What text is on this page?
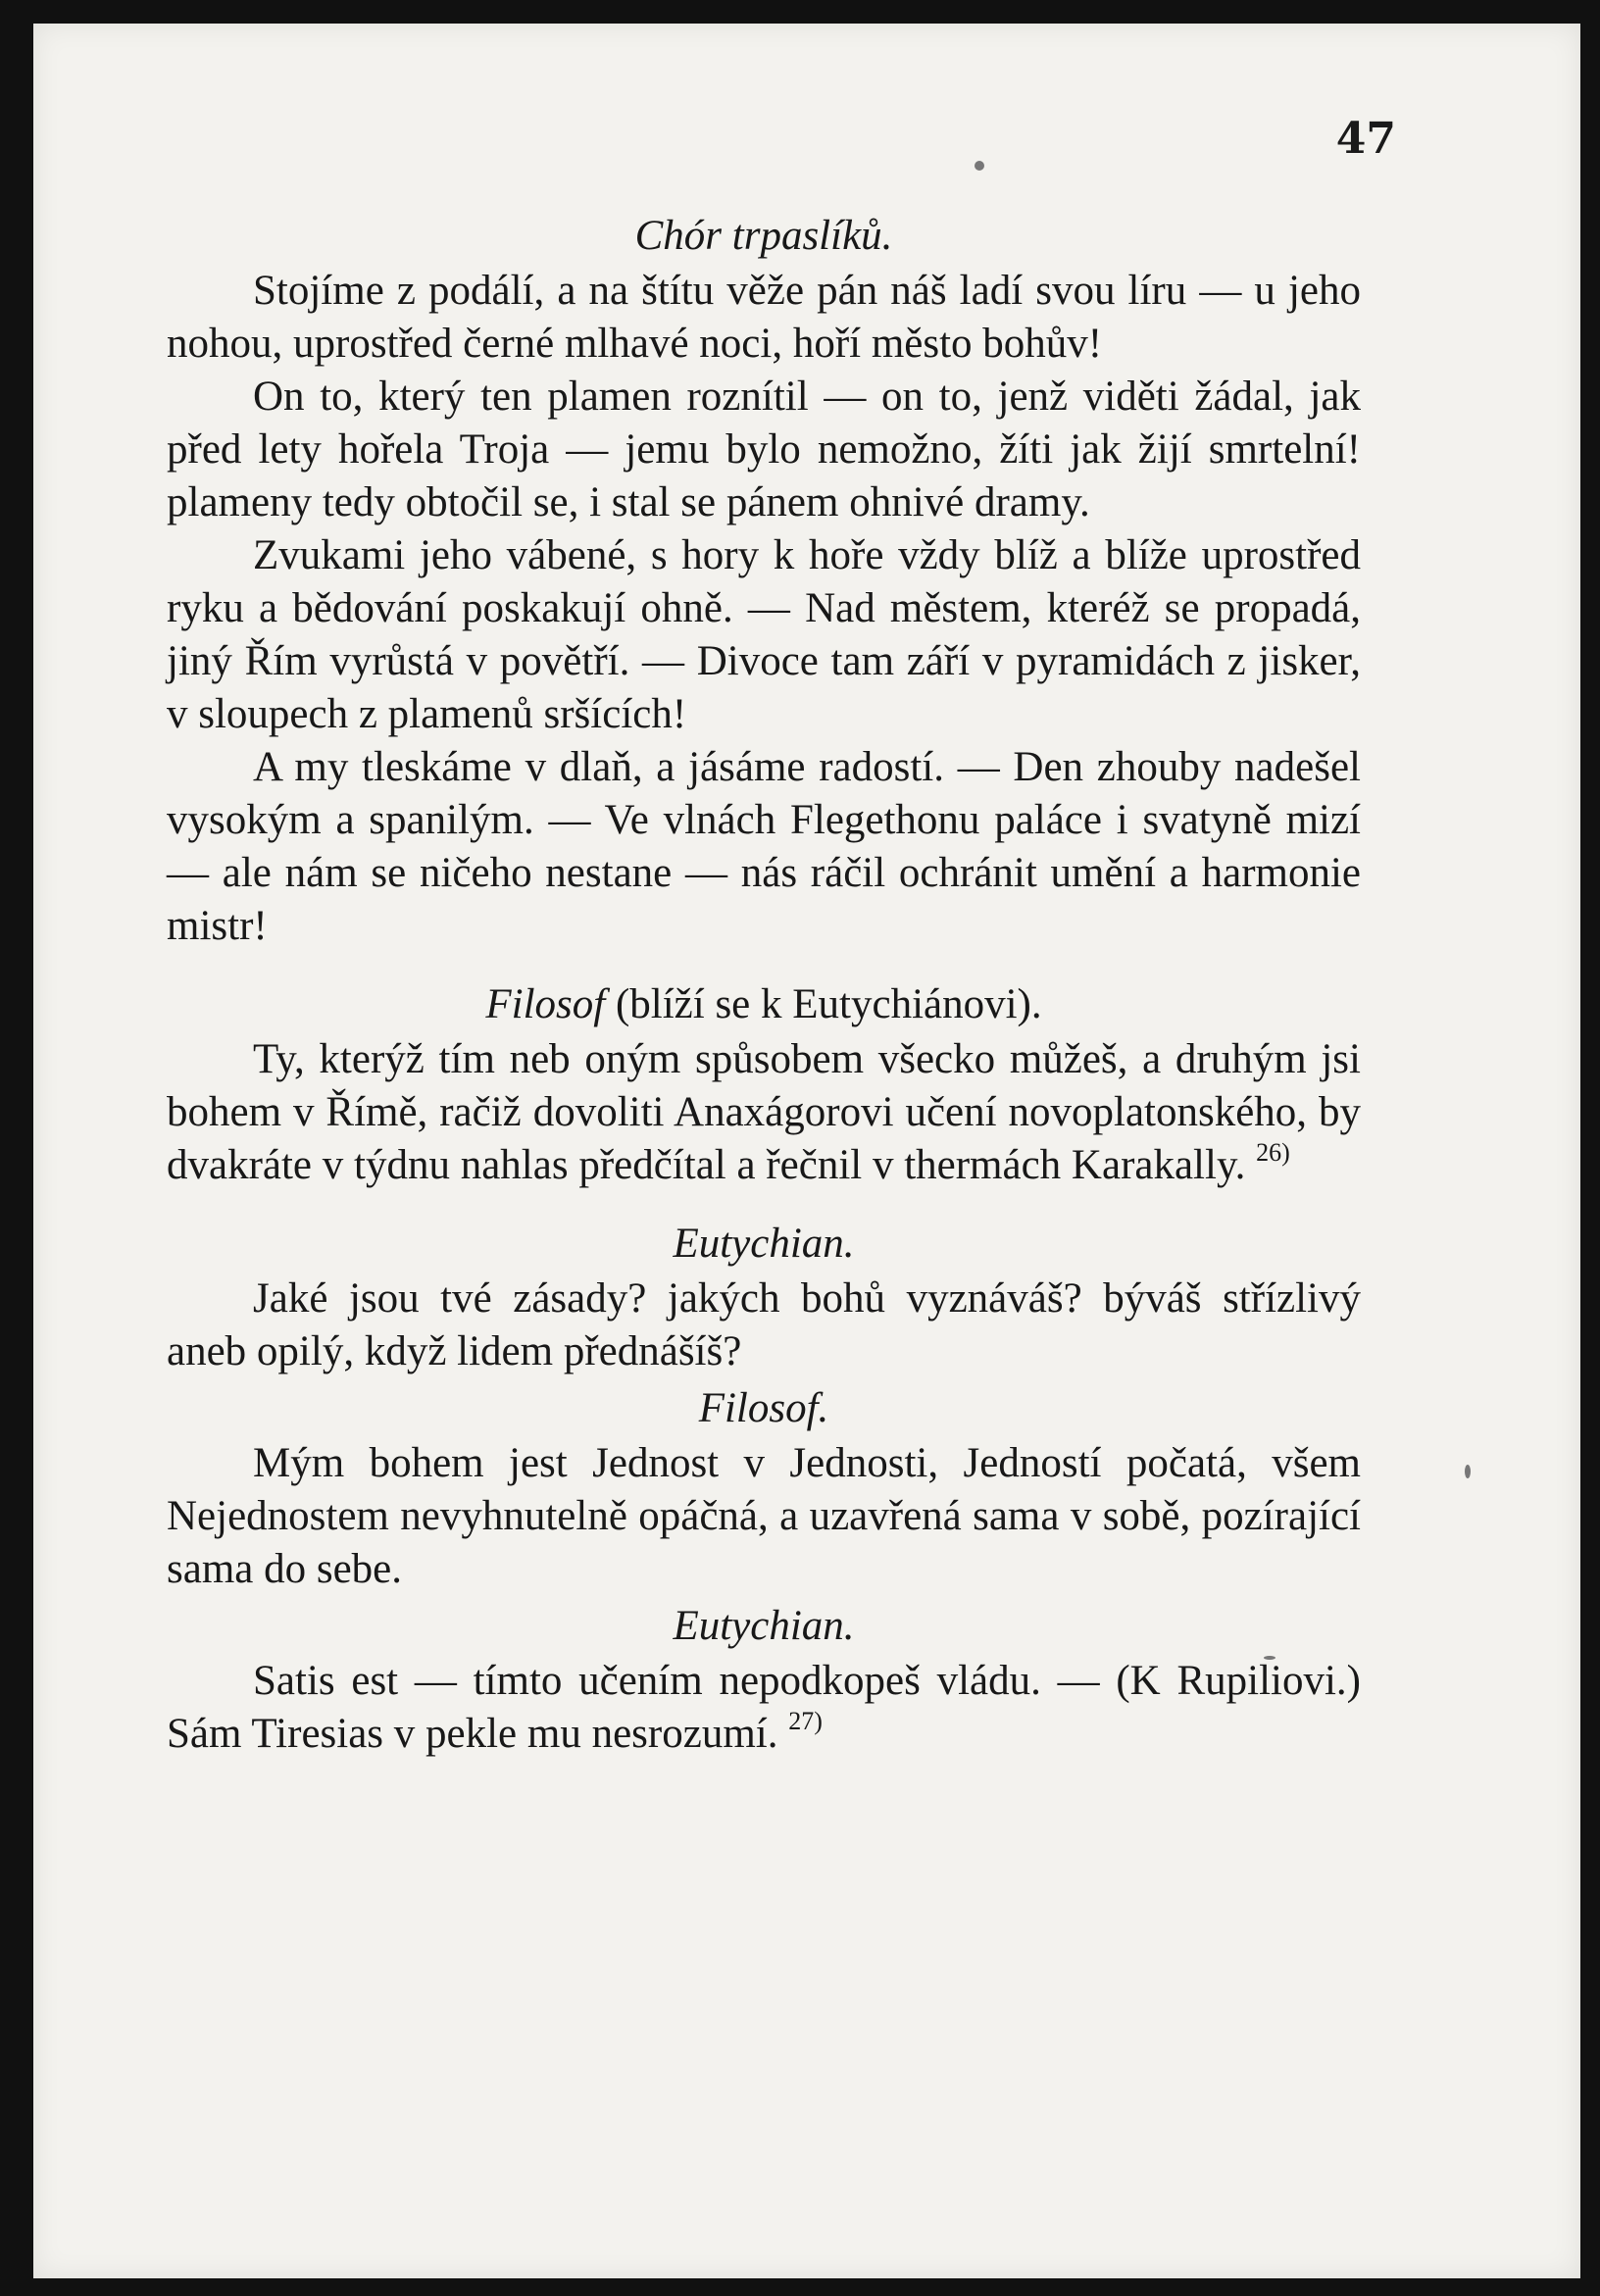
47
Chór trpaslíků.

Stojíme z podálí, a na štítu věže pán náš ladí svou líru — u jeho nohou, uprostřed černé mlhavé noci, hoří město bohův!

On to, který ten plamen roznítil — on to, jenž viděti žádal, jak před lety hořela Troja — jemu bylo nemožno, žíti jak žijí smrtelní! plameny tedy obtočil se, i stal se pánem ohnivé dramy.

Zvukami jeho vábené, s hory k hoře vždy blíž a blíže uprostřed ryku a bědování poskakují ohně. — Nad městem, kteréž se propadá, jiný Řím vyrůstá v povětří. — Divoce tam září v pyramidách z jisker, v sloupech z plamenů sršících!

A my tleskáme v dlaň, a jásáme radostí. — Den zhouby nadešel vysokým a spanilým. — Ve vlnách Flegethonu paláce i svatyně mizí — ale nám se ničeho nestane — nás ráčil ochránit umění a harmonie mistr!

Filosof (blíží se k Eutychiánovi).

Ty, kterýž tím neb oným spůsobem všecko můžeš, a druhým jsi bohem v Římě, račiž dovoliti Anaxágorovi učení novoplatonského, by dvakráte v týdnu nahlas předčítal a řečnil v thermách Karakally. $^{26)}$

Eutychian.

Jaké jsou tvé zásady? jakých bohů vyznáváš? býváš střízlivý aneb opilý, když lidem přednášíš?

Filosof.

Mým bohem jest Jednost v Jednosti, Jedností počatá, všem Nejednostem nevyhnutelně opáčná, a uzavřená sama v sobě, pozírající sama do sebe.

Eutychian.

Satis est — tímto učením nepodkopeš vládu. — (K Rupiliovi.) Sám Tiresias v pekle mu nesrozumí. $^{27)}$
